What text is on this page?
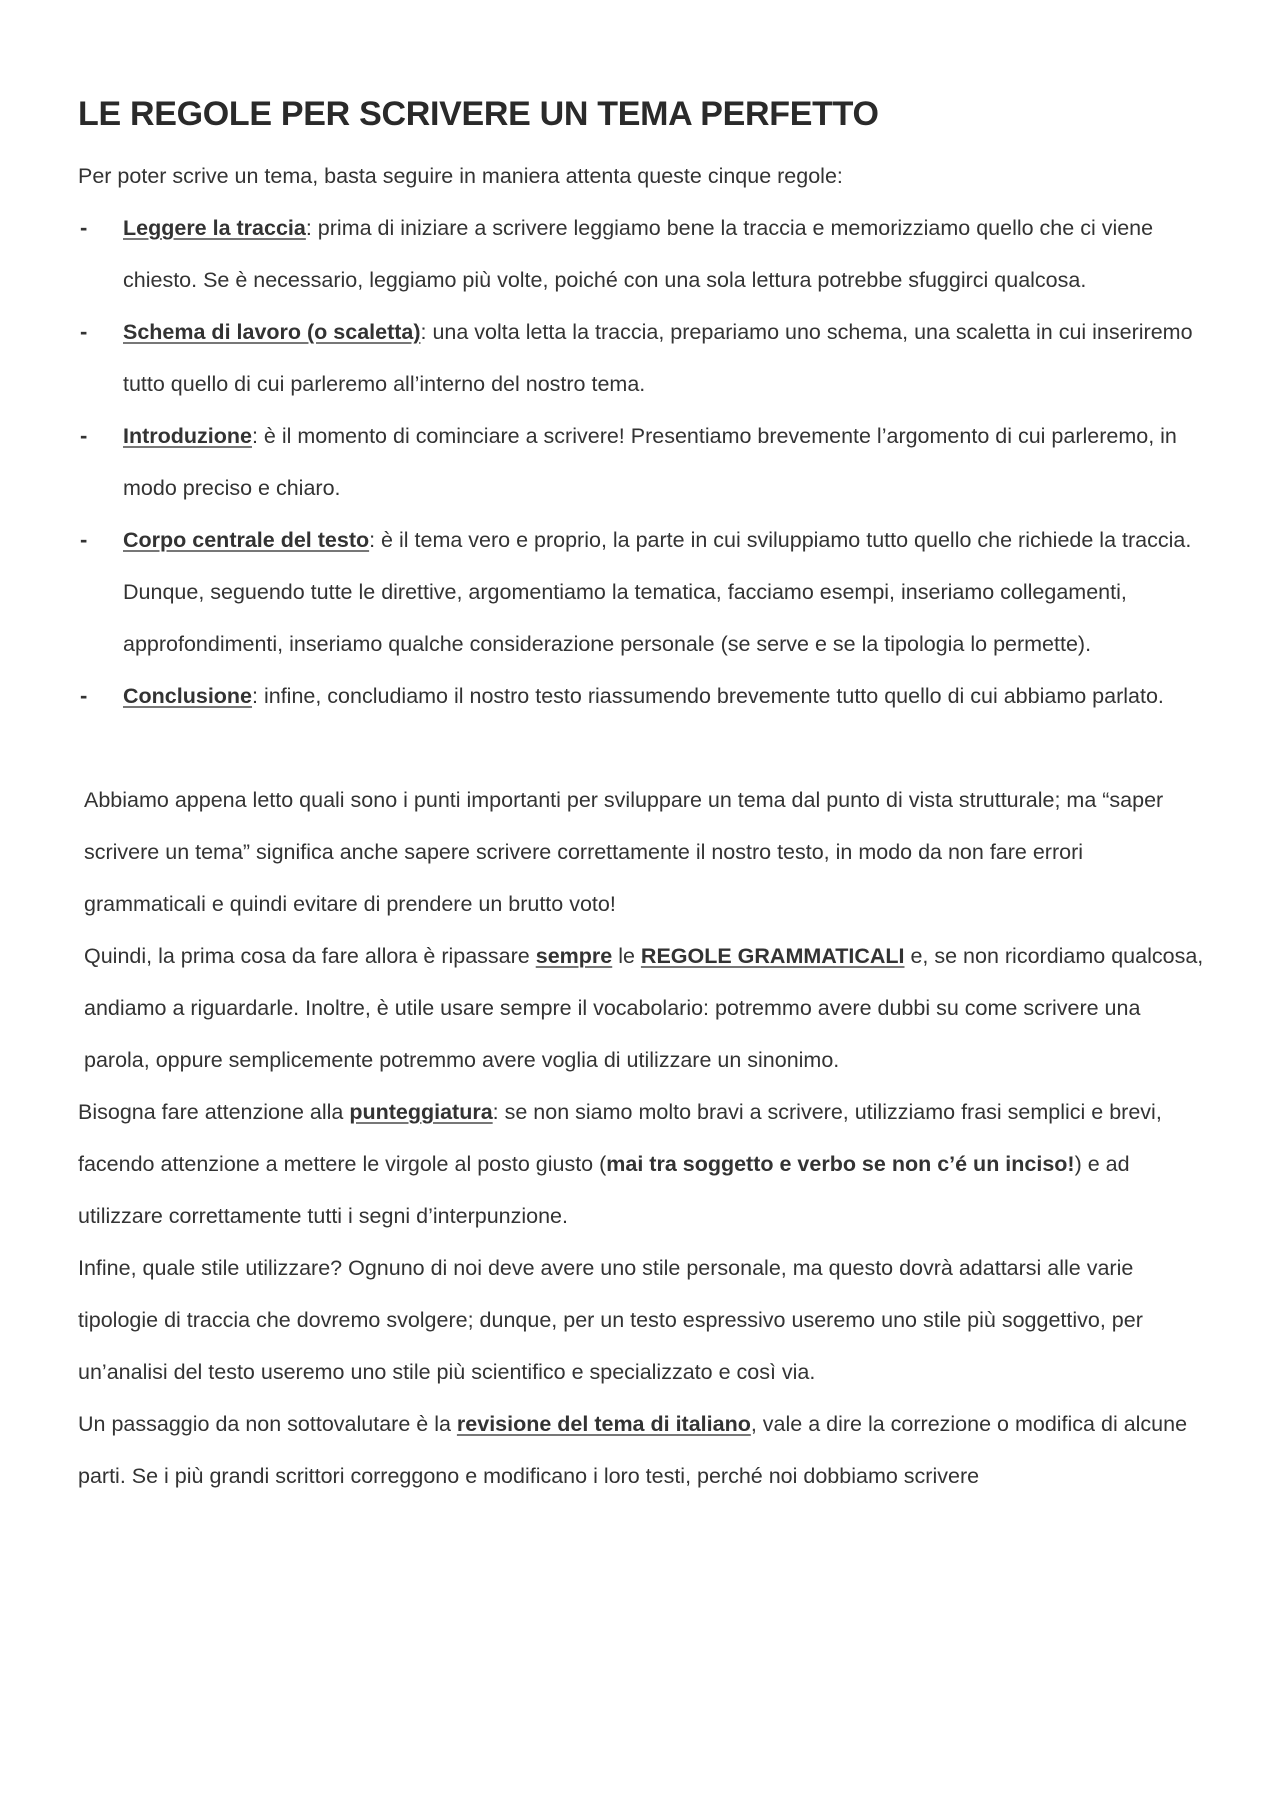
LE REGOLE PER SCRIVERE UN TEMA PERFETTO

Per poter scrive un tema, basta seguire in maniera attenta queste cinque regole:

- Leggere la traccia: prima di iniziare a scrivere leggiamo bene la traccia e memorizziamo quello che ci viene chiesto. Se è necessario, leggiamo più volte, poiché con una sola lettura potrebbe sfuggirci qualcosa.
- Schema di lavoro (o scaletta): una volta letta la traccia, prepariamo uno schema, una scaletta in cui inseriremo tutto quello di cui parleremo all’interno del nostro tema.
- Introduzione: è il momento di cominciare a scrivere! Presentiamo brevemente l’argomento di cui parleremo, in modo preciso e chiaro.
- Corpo centrale del testo: è il tema vero e proprio, la parte in cui sviluppiamo tutto quello che richiede la traccia. Dunque, seguendo tutte le direttive, argomentiamo la tematica, facciamo esempi, inseriamo collegamenti, approfondimenti, inseriamo qualche considerazione personale (se serve e se la tipologia lo permette).
- Conclusione: infine, concludiamo il nostro testo riassumendo brevemente tutto quello di cui abbiamo parlato.

Abbiamo appena letto quali sono i punti importanti per sviluppare un tema dal punto di vista strutturale; ma “saper scrivere un tema” significa anche sapere scrivere correttamente il nostro testo, in modo da non fare errori grammaticali e quindi evitare di prendere un brutto voto!

Quindi, la prima cosa da fare allora è ripassare sempre le REGOLE GRAMMATICALI e, se non ricordiamo qualcosa, andiamo a riguardarle. Inoltre, è utile usare sempre il vocabolario: potremmo avere dubbi su come scrivere una parola, oppure semplicemente potremmo avere voglia di utilizzare un sinonimo.

Bisogna fare attenzione alla punteggiatura: se non siamo molto bravi a scrivere, utilizziamo frasi semplici e brevi, facendo attenzione a mettere le virgole al posto giusto (mai tra soggetto e verbo se non c’é un inciso!) e ad utilizzare correttamente tutti i segni d’interpunzione.

Infine, quale stile utilizzare? Ognuno di noi deve avere uno stile personale, ma questo dovrà adattarsi alle varie tipologie di traccia che dovremo svolgere; dunque, per un testo espressivo useremo uno stile più soggettivo, per un’analisi del testo useremo uno stile più scientifico e specializzato e così via.

Un passaggio da non sottovalutare è la revisione del tema di italiano, vale a dire la correzione o modifica di alcune parti. Se i più grandi scrittori correggono e modificano i loro testi, perché noi dobbiamo scrivere
